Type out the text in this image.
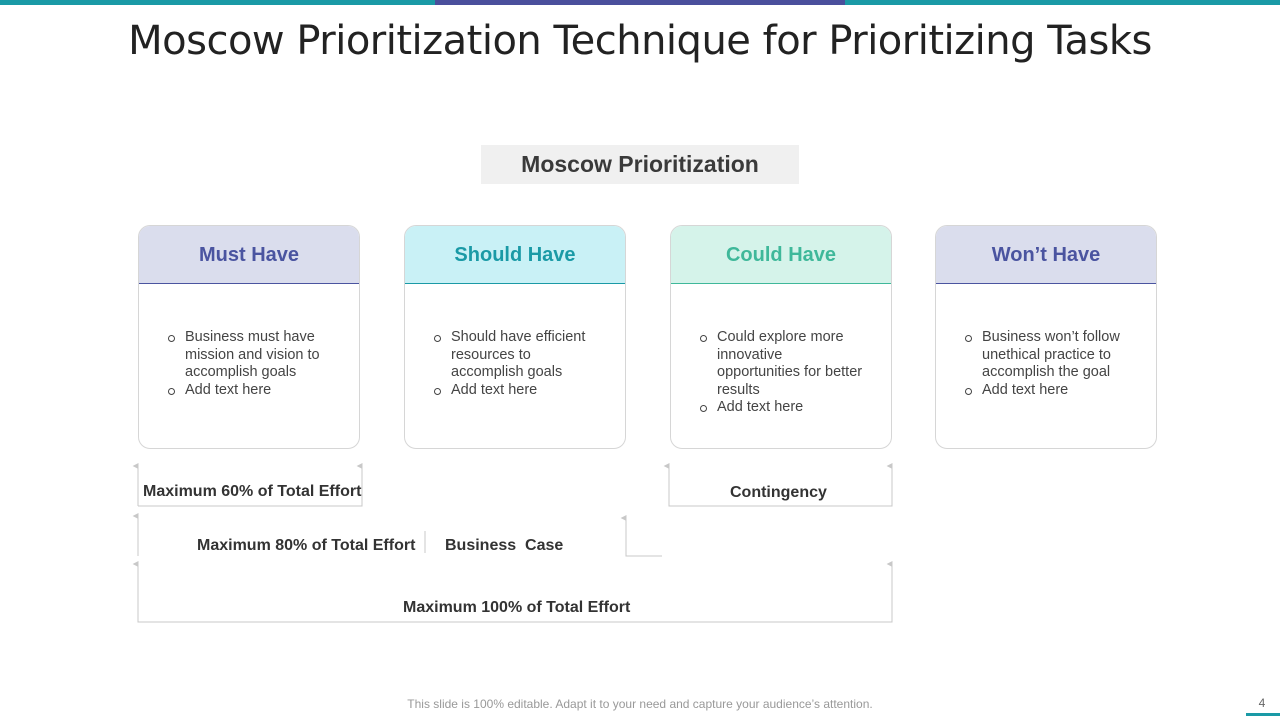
Moscow Prioritization Technique for Prioritizing Tasks
Moscow Prioritization
Must Have
Business must have mission and vision to accomplish goals
Add text here
Should Have
Should have efficient resources to accomplish goals
Add text here
Could Have
Could explore more innovative opportunities for better results
Add text here
Won’t Have
Business won’t follow unethical practice to accomplish the goal
Add text here
Maximum 60% of Total Effort	Contingency
Maximum 80% of Total Effort Business  Case
Maximum 100% of Total Effort
This slide is 100% editable. Adapt it to your need and capture your audience’s attention.	4
